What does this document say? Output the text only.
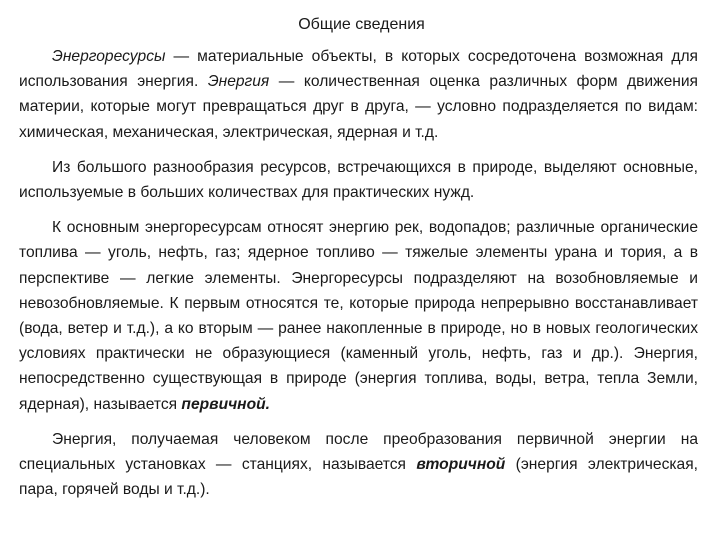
Общие сведения

Энергоресурсы — материальные объекты, в которых сосредоточена возможная для использования энергия. Энергия — количественная оценка различных форм движения материи, которые могут превращаться друг в друга, — условно подразделяется по видам: химическая, механическая, электрическая, ядерная и т.д.

Из большого разнообразия ресурсов, встречающихся в природе, выделяют основные, используемые в больших количествах для практических нужд.

К основным энергоресурсам относят энергию рек, водопадов; различные органические топлива — уголь, нефть, газ; ядерное топливо — тяжелые элементы урана и тория, а в перспективе — легкие элементы. Энергоресурсы подразделяют на возобновляемые и невозобновляемые. К первым относятся те, которые природа непрерывно восстанавливает (вода, ветер и т.д.), а ко вторым — ранее накопленные в природе, но в новых геологических условиях практически не образующиеся (каменный уголь, нефть, газ и др.). Энергия, непосредственно существующая в природе (энергия топлива, воды, ветра, тепла Земли, ядерная), называется первичной.

Энергия, получаемая человеком после преобразования первичной энергии на специальных установках — станциях, называется вторичной (энергия электрическая, пара, горячей воды и т.д.).
